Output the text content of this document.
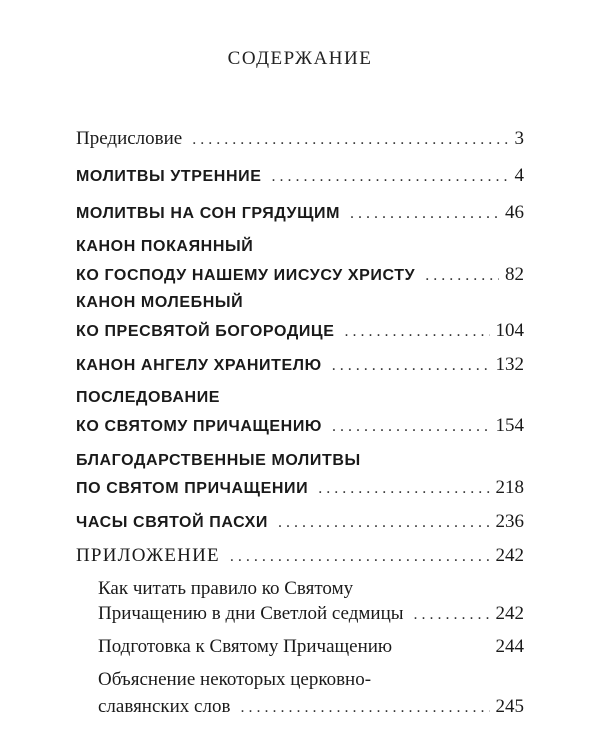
СОДЕРЖАНИЕ
Предисловие . . .	3
МОЛИТВЫ УТРЕННИЕ . . .	4
МОЛИТВЫ НА СОН ГРЯДУЩИМ . . .	46
КАНОН ПОКАЯННЫЙ
КО ГОСПОДУ НАШЕМУ ИИСУСУ ХРИСТУ . . .	82
КАНОН МОЛЕБНЫЙ
КО ПРЕСВЯТОЙ БОГОРОДИЦЕ . . .	104
КАНОН АНГЕЛУ ХРАНИТЕЛЮ . . .	132
ПОСЛЕДОВАНИЕ
КО СВЯТОМУ ПРИЧАЩЕНИЮ . . .	154
БЛАГОДАРСТВЕННЫЕ МОЛИТВЫ
ПО СВЯТОМ ПРИЧАЩЕНИИ . . .	218
ЧАСЫ СВЯТОЙ ПАСХИ . . .	236
ПРИЛОЖЕНИЕ . . .	242
Как читать правило ко Святому
Причащению в дни Светлой седмицы . . .	242
Подготовка к Святому Причащению	244
Объяснение некоторых церковно-
славянских слов . . .	245
